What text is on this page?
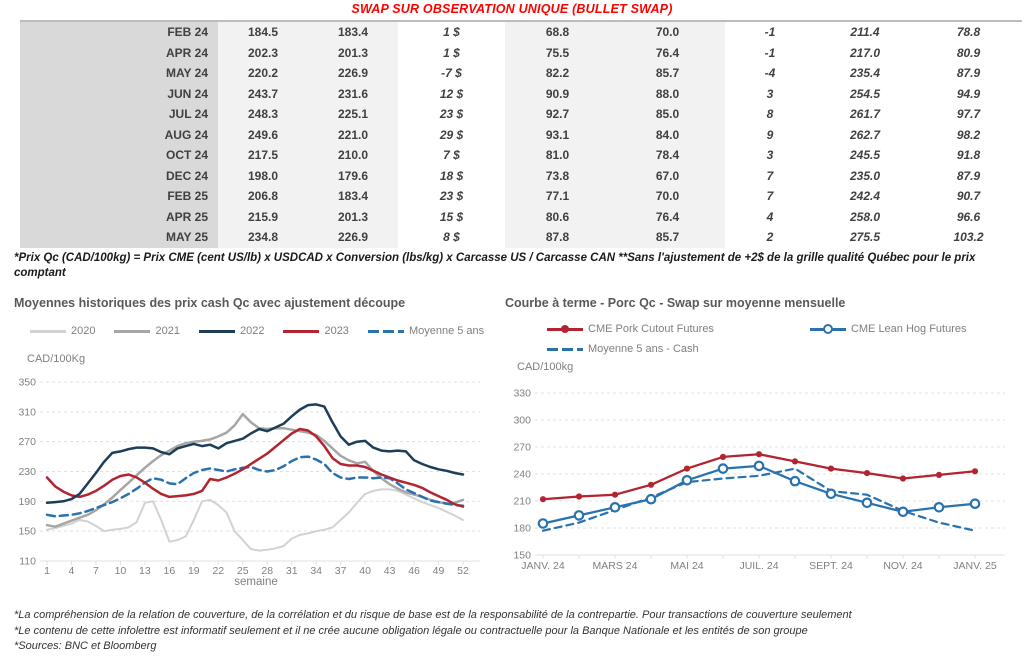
SWAP SUR OBSERVATION UNIQUE (BULLET SWAP)
FEB 24	184.5	183.4	1 $	68.8	70.0	-1	211.4	78.8
APR 24	202.3	201.3	1 $	75.5	76.4	-1	217.0	80.9
MAY 24	220.2	226.9	-7 $	82.2	85.7	-4	235.4	87.9
JUN 24	243.7	231.6	12 $	90.9	88.0	3	254.5	94.9
JUL 24	248.3	225.1	23 $	92.7	85.0	8	261.7	97.7
AUG 24	249.6	221.0	29 $	93.1	84.0	9	262.7	98.2
OCT 24	217.5	210.0	7 $	81.0	78.4	3	245.5	91.8
DEC 24	198.0	179.6	18 $	73.8	67.0	7	235.0	87.9
FEB 25	206.8	183.4	23 $	77.1	70.0	7	242.4	90.7
APR 25	215.9	201.3	15 $	80.6	76.4	4	258.0	96.6
MAY 25	234.8	226.9	8 $	87.8	85.7	2	275.5	103.2
*Prix Qc (CAD/100kg) = Prix CME (cent US/lb) x USDCAD x Conversion (lbs/kg) x Carcasse US / Carcasse CAN **Sans l'ajustement de +2$ de la grille qualité Québec pour le prix comptant
Moyennes historiques des prix cash Qc avec ajustement découpe
2020	2021	2022	2023	Moyenne 5 ans
CAD/100Kg
110
150
190
230
270
310
350
1 4 7 10 13 16 19 22 25 28 31 34 37 40 43 46 49 52
semaine
Courbe à terme - Porc Qc - Swap sur moyenne mensuelle
CME Pork Cutout Futures	CME Lean Hog Futures
Moyenne 5 ans - Cash
CAD/100kg
150
180
210
240
270
300
330
JANV. 24	MARS 24	MAI 24	JUIL. 24	SEPT. 24	NOV. 24	JANV. 25
*La compréhension de la relation de couverture, de la corrélation et du risque de base est de la responsabilité de la contrepartie. Pour transactions de couverture seulement
*Le contenu de cette infolettre est informatif seulement et il ne crée aucune obligation légale ou contractuelle pour la Banque Nationale et les entités de son groupe
*Sources: BNC et Bloomberg
